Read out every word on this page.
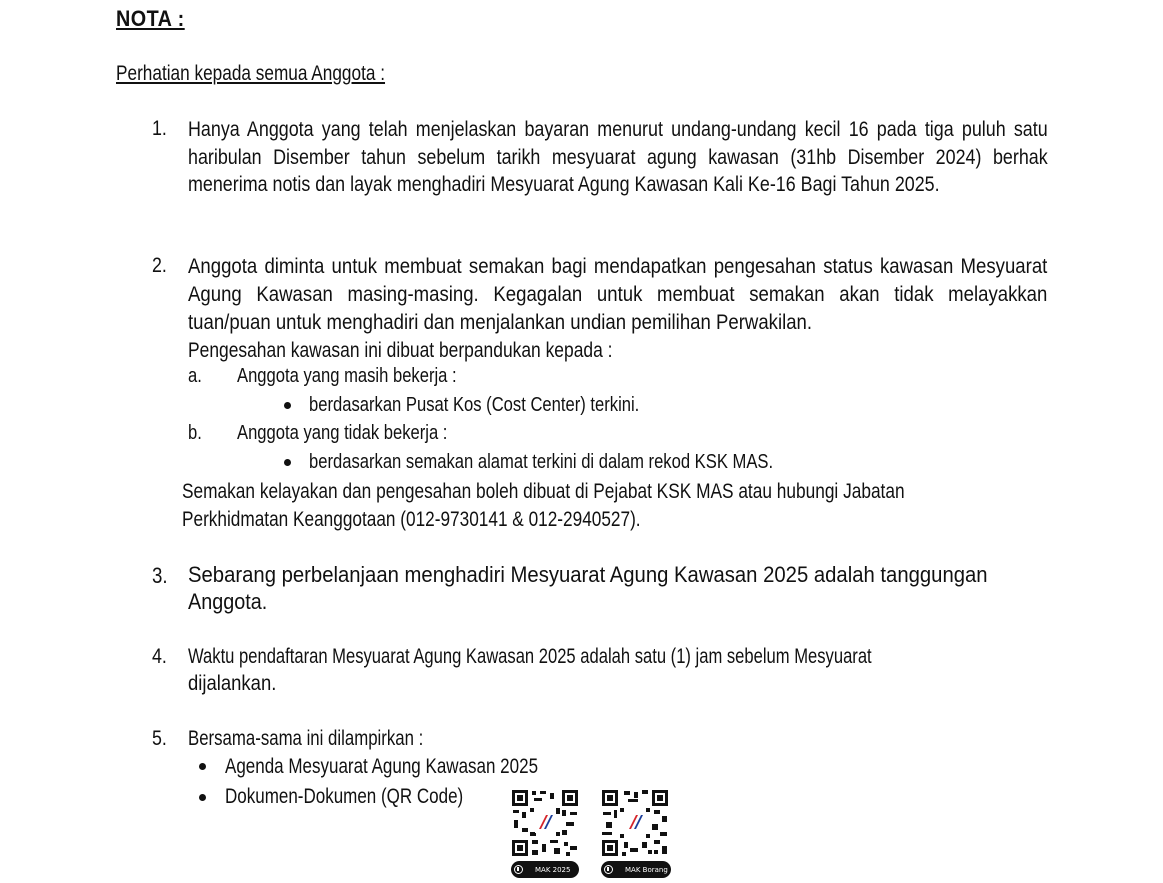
NOTA :
Perhatian kepada semua Anggota :
1. Hanya Anggota yang telah menjelaskan bayaran menurut undang-undang kecil 16 pada tiga puluh satu haribulan Disember tahun sebelum tarikh mesyuarat agung kawasan (31hb Disember 2024) berhak menerima notis dan layak menghadiri Mesyuarat Agung Kawasan Kali Ke-16 Bagi Tahun 2025.
2. Anggota diminta untuk membuat semakan bagi mendapatkan pengesahan status kawasan Mesyuarat Agung Kawasan masing-masing. Kegagalan untuk membuat semakan akan tidak melayakkan tuan/puan untuk menghadiri dan menjalankan undian pemilihan Perwakilan.
Pengesahan kawasan ini dibuat berpandukan kepada :
a. Anggota yang masih bekerja :
berdasarkan Pusat Kos (Cost Center) terkini.
b. Anggota yang tidak bekerja :
berdasarkan semakan alamat terkini di dalam rekod KSK MAS.
Semakan kelayakan dan pengesahan boleh dibuat di Pejabat KSK MAS atau hubungi Jabatan
Perkhidmatan Keanggotaan (012-9730141 & 012-2940527).
3. Sebarang perbelanjaan menghadiri Mesyuarat Agung Kawasan 2025 adalah tanggungan
Anggota.
4. Waktu pendaftaran Mesyuarat Agung Kawasan 2025 adalah satu (1) jam sebelum Mesyuarat
dijalankan.
5. Bersama-sama ini dilampirkan :
Agenda Mesyuarat Agung Kawasan 2025
Dokumen-Dokumen (QR Code)
MAK 2025	MAK Borang
